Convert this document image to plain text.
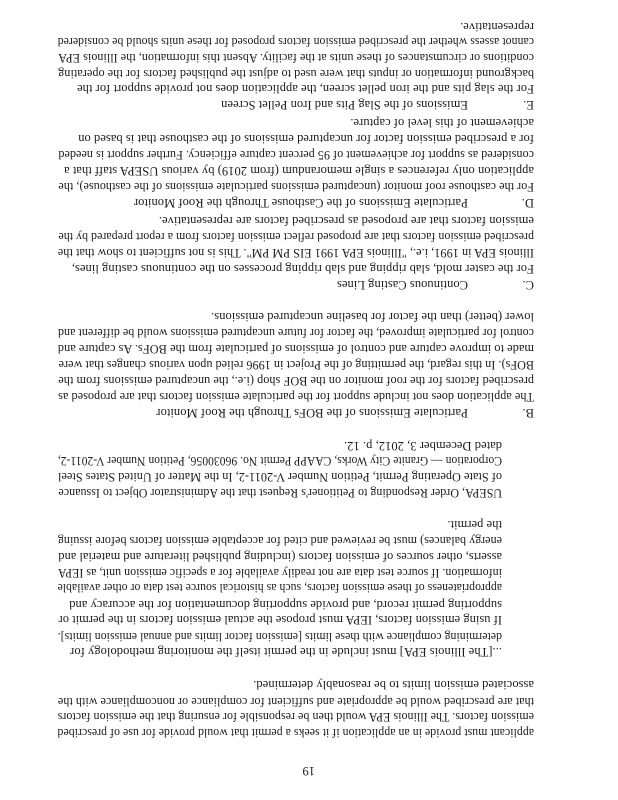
applicant must provide in an application if it seeks a permit that would provide for use of prescribed
emission factors. The Illinois EPA would then be responsible for ensuring that the emission factors
that are prescribed would be appropriate and sufficient for compliance or noncompliance with the
associated emission limits to be reasonably determined.
...[The Illinois EPA] must include in the permit itself the monitoring methodology for
determining compliance with these limits [emission factor limits and annual emission limits].
If using emission factors, IEPA must propose the actual emission factors in the permit or
supporting permit record, and provide supporting documentation for the accuracy and
appropriateness of these emission factors, such as historical source test data or other available
information. If source test data are not readily available for a specific emission unit, as IEPA
asserts, other sources of emission factors (including published literature and material and
energy balances) must be reviewed and cited for acceptable emission factors before issuing
the permit.
USEPA, Order Responding to Petitioner's Request that the Administrator Object to Issuance
of State Operating Permit, Petition Number V-2011-2, In the Matter of United States Steel
Corporation — Granite City Works, CAAPP Permit No. 96030056, Petition Number V-2011-2,
dated December 3, 2012, p. 12.
B.
Particulate Emissions of the BOFs Through the Roof Monitor
The application does not include support for the particulate emission factors that are proposed as
prescribed factors for the roof monitor on the BOF shop (i.e., the uncaptured emissions from the
BOFs). In this regard, the permitting of the Project in 1996 relied upon various changes that were
made to improve capture and control of emissions of particulate from the BOFs. As capture and
control for particulate improved, the factor for future uncaptured emissions would be different and
lower (better) than the factor for baseline uncaptured emissions.
C.
Continuous Casting Lines
For the caster mold, slab ripping and slab ripping processes on the continuous casting lines,
Illinois EPA in 1991, i.e., "Illinois EPA 1991 EIS PM PM". This is not sufficient to show that the
prescribed emission factors that are proposed reflect emission factors from a report prepared by the
emission factors that are proposed as prescribed factors are representative.
D.
Particulate Emissions of the Casthouse Through the Roof Monitor
For the casthouse roof monitor (uncaptured emissions particulate emissions of the casthouse), the
application only references a single memorandum (from 2019) by various USEPA staff that a
considered as support for achievement of 95 percent capture efficiency. Further support is needed
for a prescribed emission factor for uncaptured emissions of the casthouse that is based on
achievement of this level of capture.
E.
Emissions of the Slag Pits and Iron Pellet Screen
For the slag pits and the iron pellet screen, the application does not provide support for the
background information or inputs that were used to adjust the published factors for the operating
conditions or circumstances of these units at the facility. Absent this information, the Illinois EPA
cannot assess whether the prescribed emission factors proposed for these units should be considered
representative.
19
